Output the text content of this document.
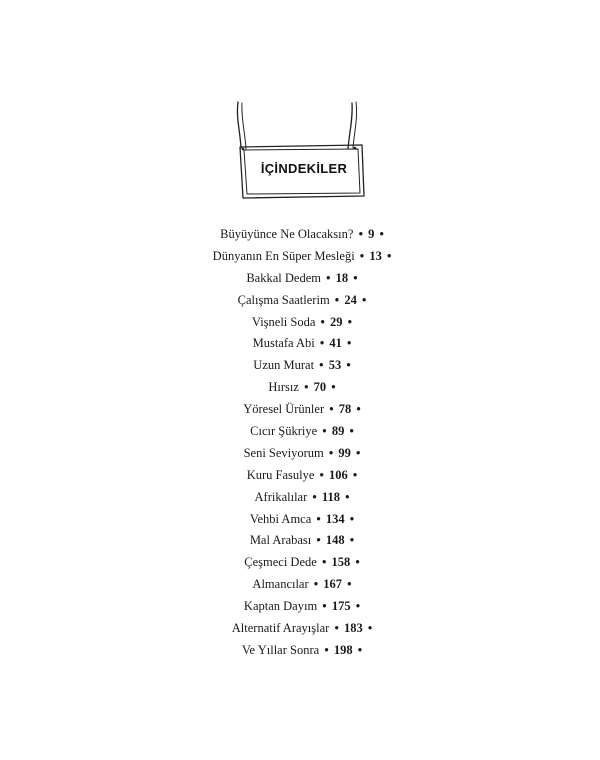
İÇİNDEKİLER
Büyüyünce Ne Olacaksın? • 9 •
Dünyanın En Süper Mesleği • 13 •
Bakkal Dedem • 18 •
Çalışma Saatlerim • 24 •
Vişneli Soda • 29 •
Mustafa Abi • 41 •
Uzun Murat • 53 •
Hırsız • 70 •
Yöresel Ürünler • 78 •
Cıcır Şükriye • 89 •
Seni Seviyorum • 99 •
Kuru Fasulye • 106 •
Afrikalılar • 118 •
Vehbi Amca • 134 •
Mal Arabası • 148 •
Çeşmeci Dede • 158 •
Almancılar • 167 •
Kaptan Dayım • 175 •
Alternatif Arayışlar • 183 •
Ve Yıllar Sonra • 198 •
